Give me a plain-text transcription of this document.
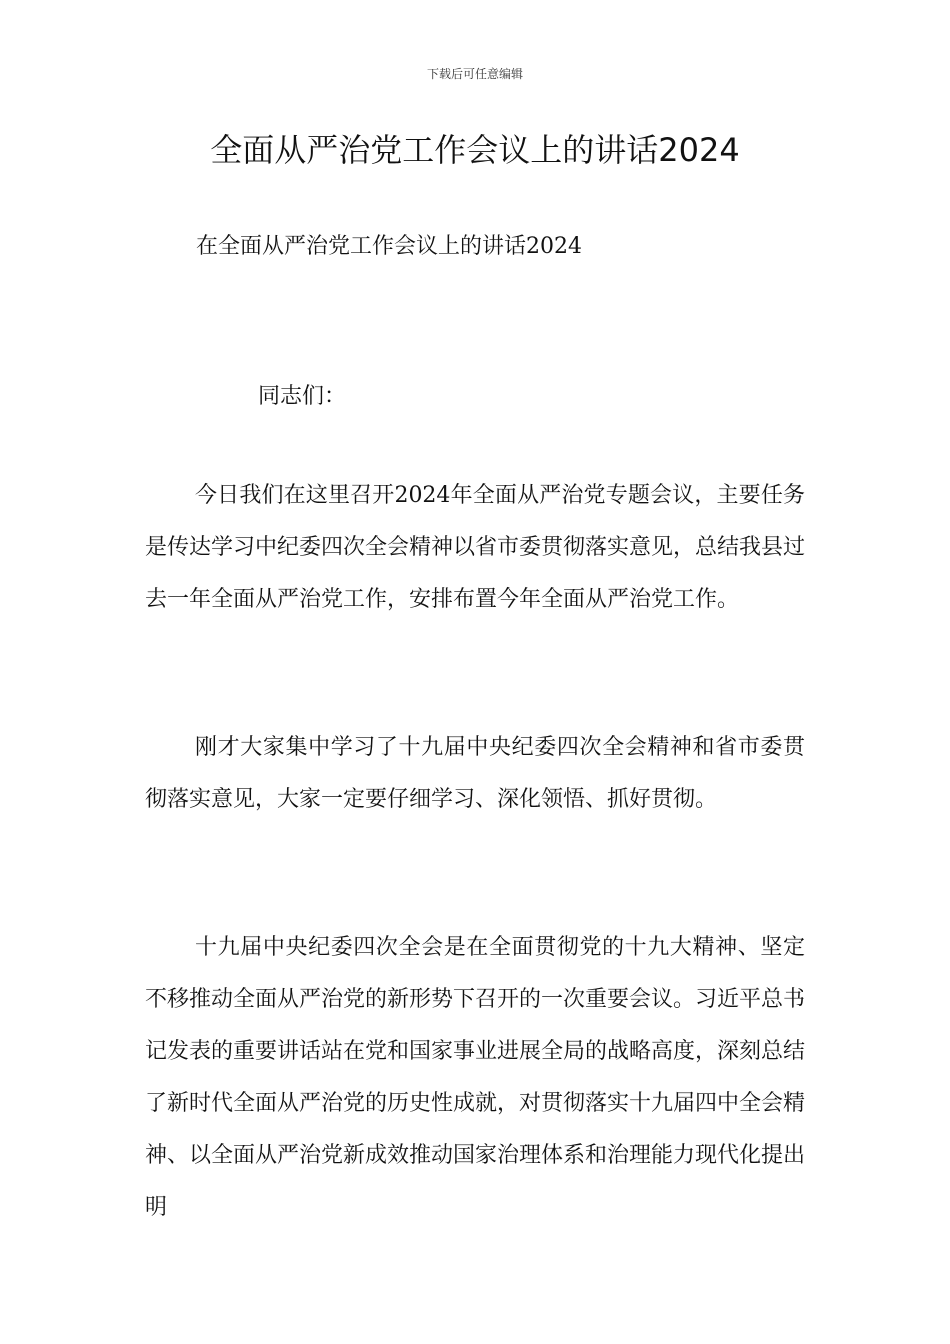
下载后可任意编辑
全面从严治党工作会议上的讲话2024
在全面从严治党工作会议上的讲话2024
同志们：

今日我们在这里召开2024年全面从严治党专题会议，主要任务是传达学习中纪委四次全会精神以省市委贯彻落实意见，总结我县过去一年全面从严治党工作，安排布置今年全面从严治党工作。

刚才大家集中学习了十九届中央纪委四次全会精神和省市委贯彻落实意见，大家一定要仔细学习、深化领悟、抓好贯彻。

十九届中央纪委四次全会是在全面贯彻党的十九大精神、坚定不移推动全面从严治党的新形势下召开的一次重要会议。习近平总书记发表的重要讲话站在党和国家事业进展全局的战略高度，深刻总结了新时代全面从严治党的历史性成就，对贯彻落实十九届四中全会精神、以全面从严治党新成效推动国家治理体系和治理能力现代化提出明
